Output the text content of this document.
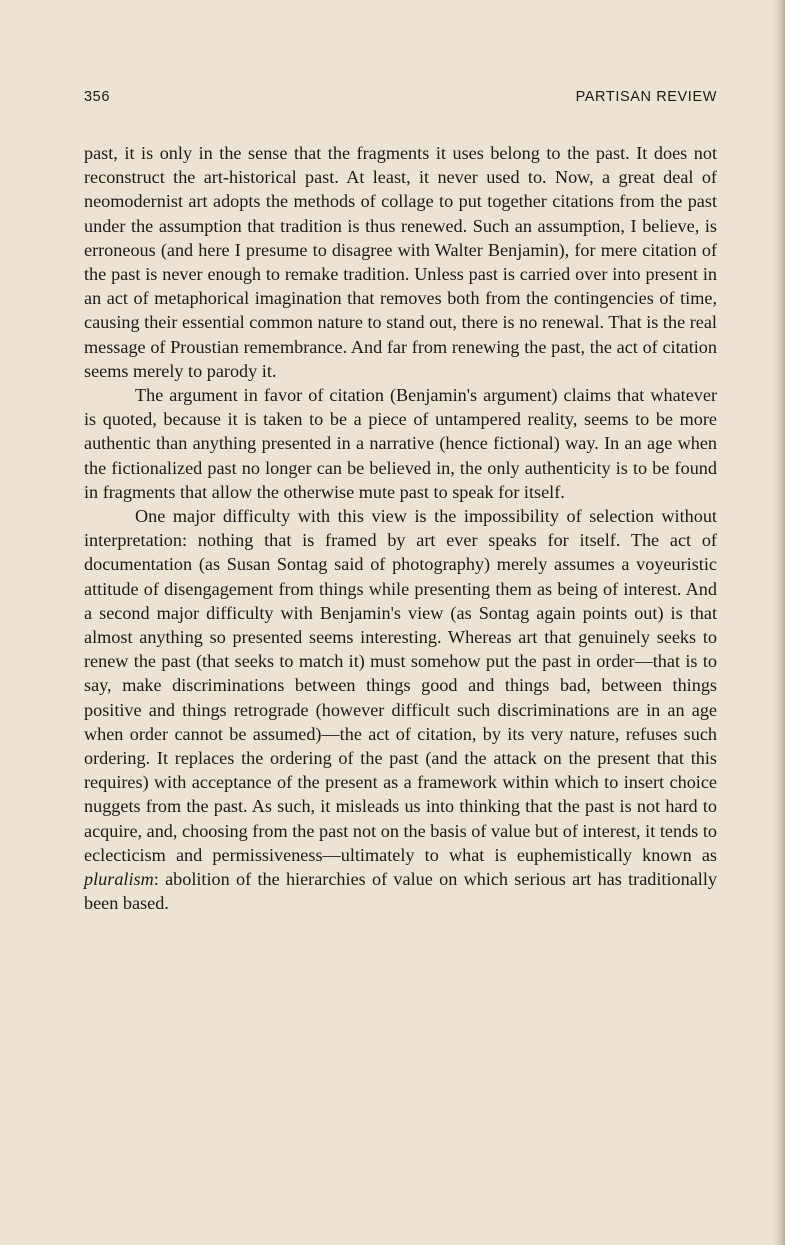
356	PARTISAN REVIEW

past, it is only in the sense that the fragments it uses belong to the past. It does not reconstruct the art-historical past. At least, it never used to. Now, a great deal of neomodernist art adopts the methods of collage to put together citations from the past under the assumption that tradition is thus renewed. Such an assumption, I believe, is erroneous (and here I presume to disagree with Walter Benjamin), for mere citation of the past is never enough to remake tradition. Unless past is carried over into present in an act of metaphorical imagination that removes both from the contingencies of time, causing their essential common nature to stand out, there is no renewal. That is the real message of Proustian remembrance. And far from renewing the past, the act of citation seems merely to parody it.

The argument in favor of citation (Benjamin's argument) claims that whatever is quoted, because it is taken to be a piece of untampered reality, seems to be more authentic than anything presented in a narrative (hence fictional) way. In an age when the fictionalized past no longer can be believed in, the only authenticity is to be found in fragments that allow the otherwise mute past to speak for itself.

One major difficulty with this view is the impossibility of selection without interpretation: nothing that is framed by art ever speaks for itself. The act of documentation (as Susan Sontag said of photography) merely assumes a voyeuristic attitude of disengagement from things while presenting them as being of interest. And a second major difficulty with Benjamin's view (as Sontag again points out) is that almost anything so presented seems interesting. Whereas art that genuinely seeks to renew the past (that seeks to match it) must somehow put the past in order—that is to say, make discriminations between things good and things bad, between things positive and things retrograde (however difficult such discriminations are in an age when order cannot be assumed)—the act of citation, by its very nature, refuses such ordering. It replaces the ordering of the past (and the attack on the present that this requires) with acceptance of the present as a framework within which to insert choice nuggets from the past. As such, it misleads us into thinking that the past is not hard to acquire, and, choosing from the past not on the basis of value but of interest, it tends to eclecticism and permissiveness—ultimately to what is euphemistically known as pluralism: abolition of the hierarchies of value on which serious art has traditionally been based.
